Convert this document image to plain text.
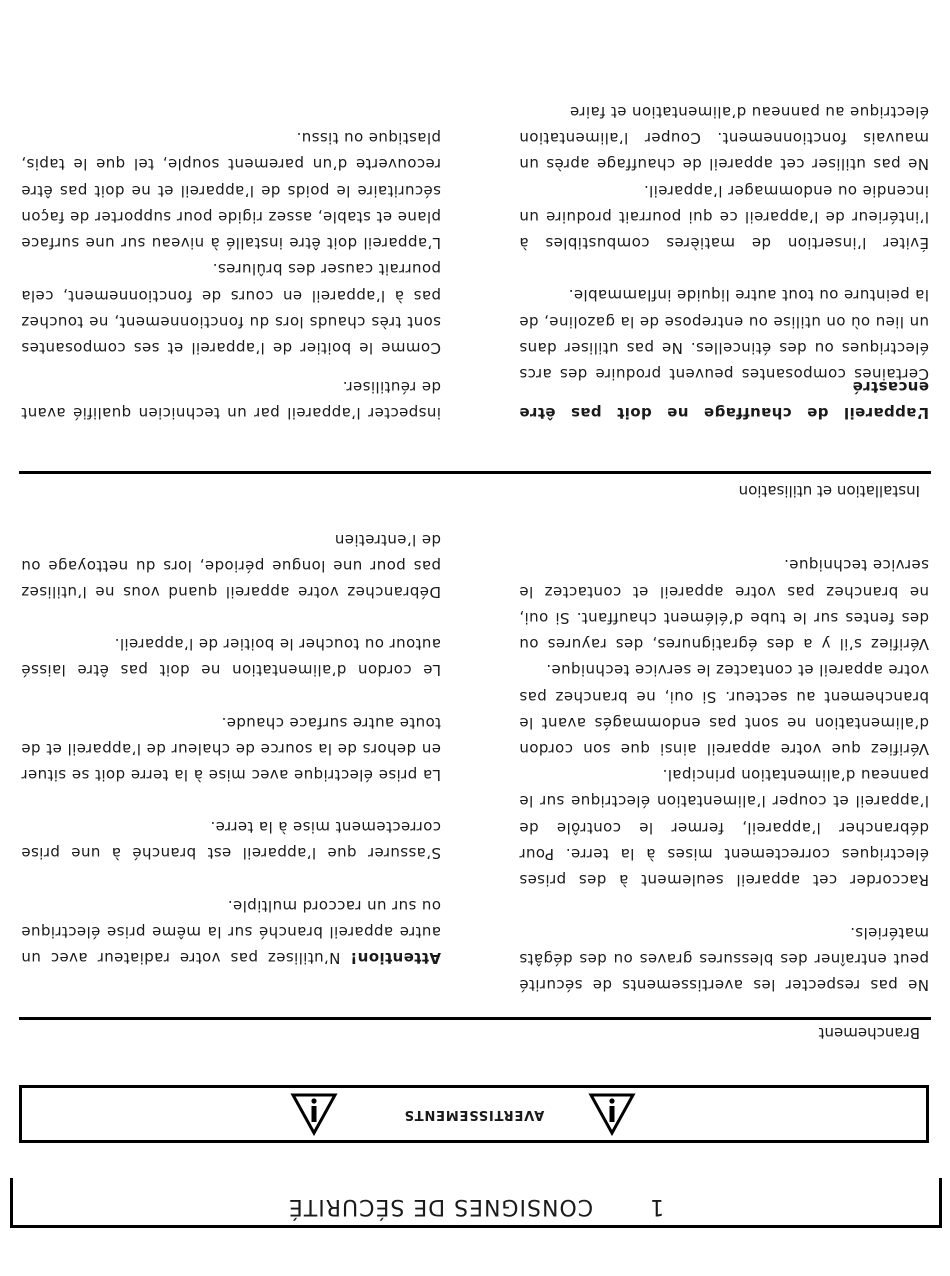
1  CONSIGNES DE SÉCURITÉ
AVERTISSEMENTS
Branchement

Ne pas respecter les avertissements de sécurité peut entraîner des blessures graves ou des dégâts matériels.

Raccorder cet appareil seulement à des prises électriques correctement mises à la terre. Pour débrancher l’appareil, fermer le contrôle de l’appareil et couper l’alimentation électrique sur le panneau d’alimentation principal.

Vérifiez que votre appareil ainsi que son cordon d’alimentation ne sont pas endommagés avant le branchement au secteur. Si oui, ne branchez pas votre appareil et contactez le service technique.

Vérifiez s’il y a des égratignures, des rayures ou des fentes sur le tube d’élément chauffant. Si oui, ne branchez pas votre appareil et contactez le service technique.

Attention! N’utilisez pas votre radiateur avec un autre appareil branché sur la même prise électrique ou sur un raccord multiple.

S’assurer que l’appareil est branché à une prise correctement mise à la terre.

La prise électrique avec mise à la terre doit se situer en dehors de la source de chaleur de l’appareil et de toute autre surface chaude.

Le cordon d’alimentation ne doit pas être laissé autour ou toucher le boitier de l’appareil.

Débranchez votre appareil quand vous ne l’utilisez pas pour une longue période, lors du nettoyage ou de l’entretien

Installation et utilisation

L’appareil de chauffage ne doit pas être encastré

Certaines composantes peuvent produire des arcs électriques ou des étincelles. Ne pas utiliser dans un lieu où on utilise ou entrepose de la gazoline, de la peinture ou tout autre liquide inflammable.

Éviter l’insertion de matières combustibles à l’intérieur de l’appareil ce qui pourrait produire un incendie ou endommager l’appareil.

Ne pas utiliser cet appareil de chauffage après un mauvais fonctionnement. Couper l’alimentation électrique au panneau d’alimentation et faire

inspecter l’appareil par un technicien qualifié avant de réutiliser.

Comme le boitier de l’appareil et ses composantes sont très chauds lors du fonctionnement, ne touchez pas à l’appareil en cours de fonctionnement, cela pourrait causer des brûlures.

L’appareil doit être installé à niveau sur une surface plane et stable, assez rigide pour supporter de façon sécuritaire le poids de l’appareil et ne doit pas être recouverte d’un parement souple, tel que le tapis, plastique ou tissu.
